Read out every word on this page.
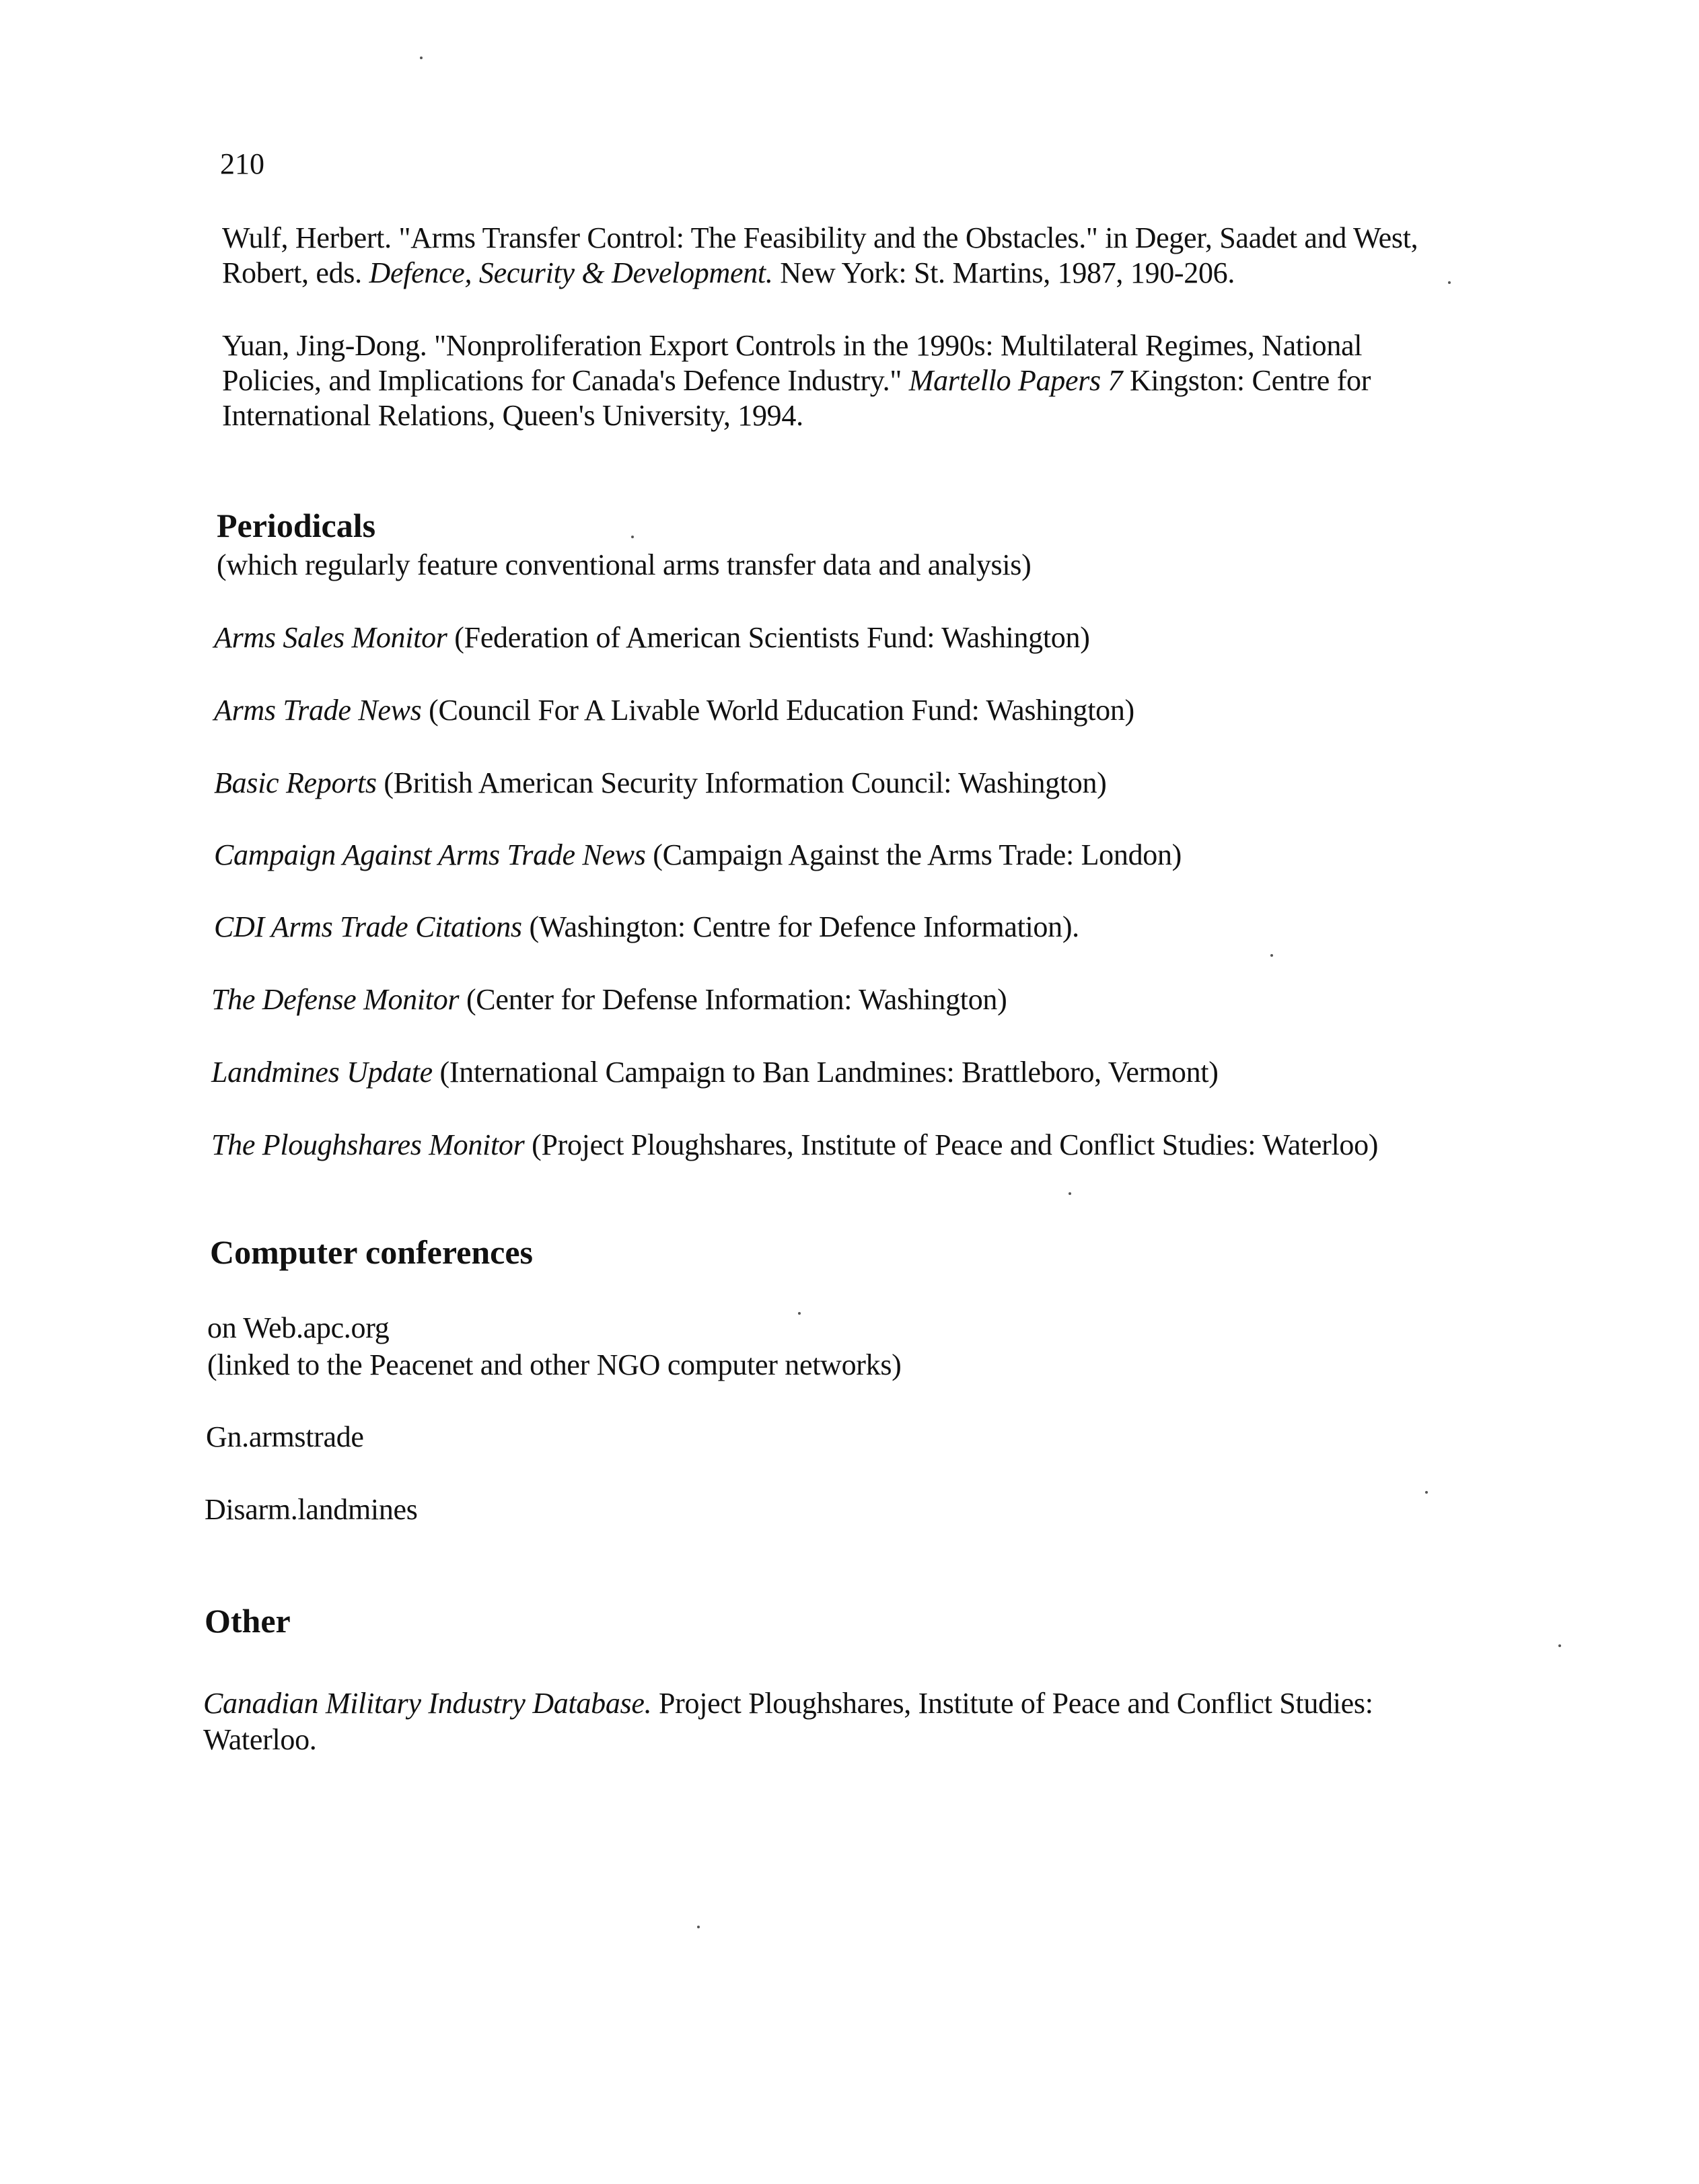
210
Wulf, Herbert. "Arms Transfer Control: The Feasibility and the Obstacles." in Deger, Saadet and West,
Robert, eds. Defence, Security & Development. New York: St. Martins, 1987, 190-206.
Yuan, Jing-Dong. "Nonproliferation Export Controls in the 1990s: Multilateral Regimes, National
Policies, and Implications for Canada's Defence Industry." Martello Papers 7 Kingston: Centre for
International Relations, Queen's University, 1994.
Periodicals
(which regularly feature conventional arms transfer data and analysis)
Arms Sales Monitor (Federation of American Scientists Fund: Washington)
Arms Trade News (Council For A Livable World Education Fund: Washington)
Basic Reports (British American Security Information Council: Washington)
Campaign Against Arms Trade News (Campaign Against the Arms Trade: London)
CDI Arms Trade Citations (Washington: Centre for Defence Information).
The Defense Monitor (Center for Defense Information: Washington)
Landmines Update (International Campaign to Ban Landmines: Brattleboro, Vermont)
The Ploughshares Monitor (Project Ploughshares, Institute of Peace and Conflict Studies: Waterloo)
Computer conferences
on Web.apc.org
(linked to the Peacenet and other NGO computer networks)
Gn.armstrade
Disarm.landmines
Other
Canadian Military Industry Database. Project Ploughshares, Institute of Peace and Conflict Studies:
Waterloo.
